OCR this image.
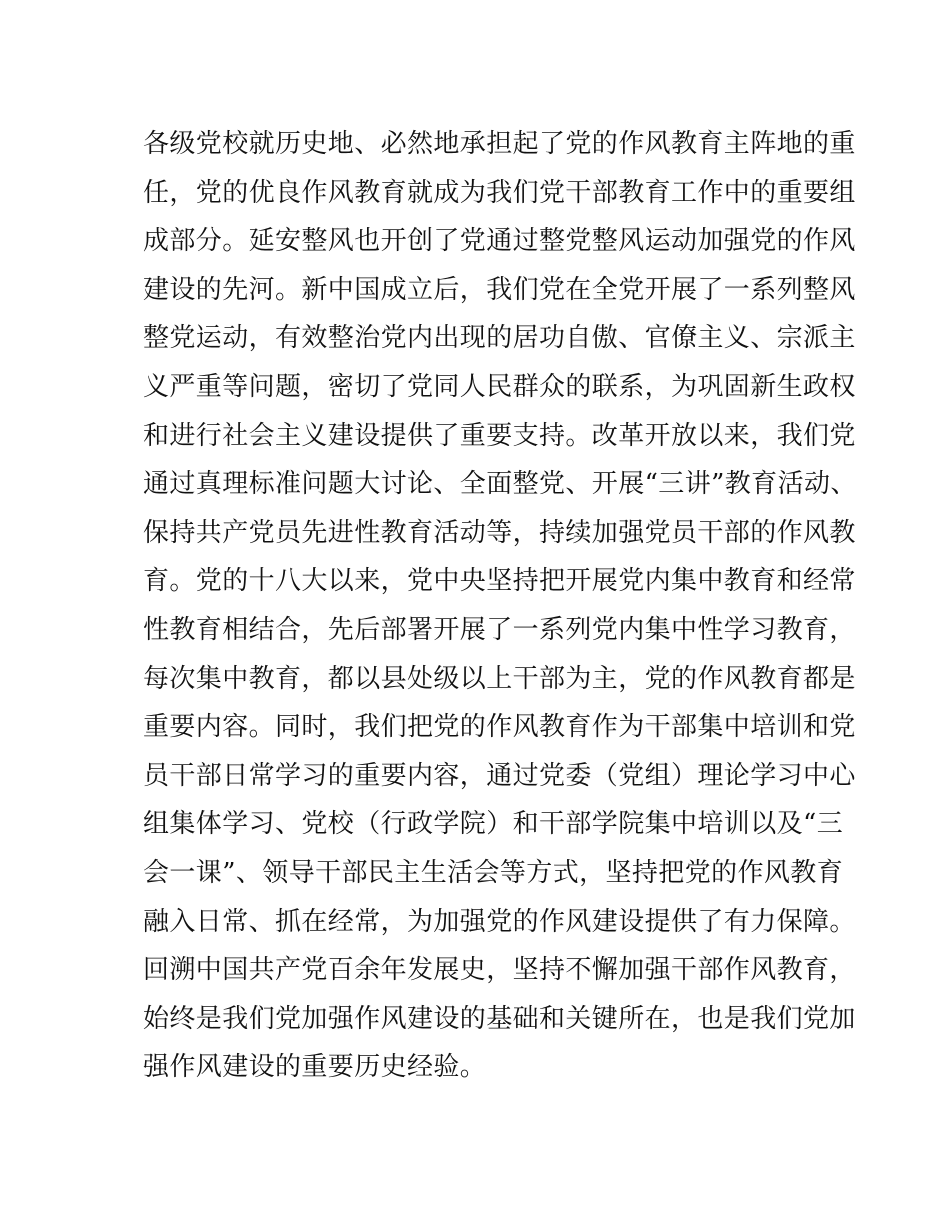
各级党校就历史地、必然地承担起了党的作风教育主阵地的重
任，党的优良作风教育就成为我们党干部教育工作中的重要组
成部分。延安整风也开创了党通过整党整风运动加强党的作风
建设的先河。新中国成立后，我们党在全党开展了一系列整风
整党运动，有效整治党内出现的居功自傲、官僚主义、宗派主
义严重等问题，密切了党同人民群众的联系，为巩固新生政权
和进行社会主义建设提供了重要支持。改革开放以来，我们党
通过真理标准问题大讨论、全面整党、开展“三讲”教育活动、
保持共产党员先进性教育活动等，持续加强党员干部的作风教
育。党的十八大以来，党中央坚持把开展党内集中教育和经常
性教育相结合，先后部署开展了一系列党内集中性学习教育，
每次集中教育，都以县处级以上干部为主，党的作风教育都是
重要内容。同时，我们把党的作风教育作为干部集中培训和党
员干部日常学习的重要内容，通过党委（党组）理论学习中心
组集体学习、党校（行政学院）和干部学院集中培训以及“三
会一课”、领导干部民主生活会等方式，坚持把党的作风教育
融入日常、抓在经常，为加强党的作风建设提供了有力保障。
回溯中国共产党百余年发展史，坚持不懈加强干部作风教育，
始终是我们党加强作风建设的基础和关键所在，也是我们党加
强作风建设的重要历史经验。
